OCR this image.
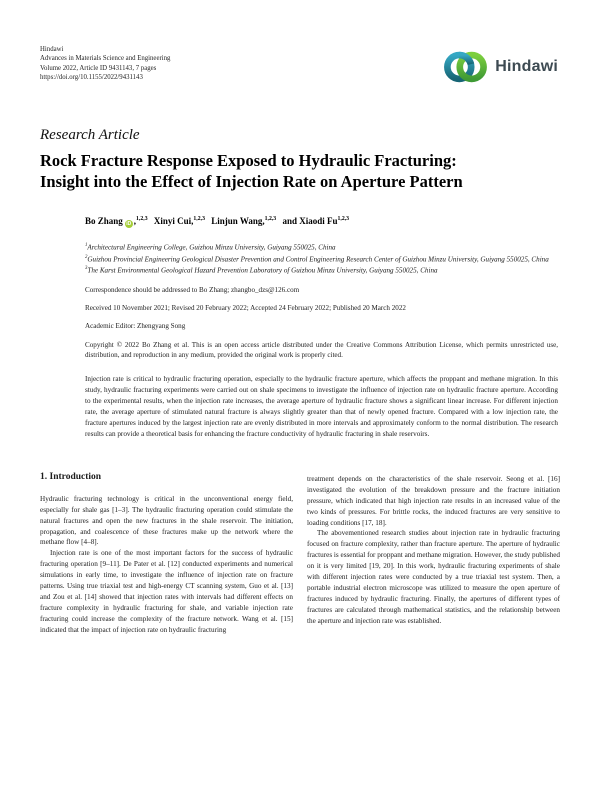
Hindawi
Advances in Materials Science and Engineering
Volume 2022, Article ID 9431143, 7 pages
https://doi.org/10.1155/2022/9431143
Hindawi
Research Article
Rock Fracture Response Exposed to Hydraulic Fracturing:
Insight into the Effect of Injection Rate on Aperture Pattern
Bo Zhang iD ,$^{1,2,3}$ Xinyi Cui,$^{1,2,3}$ Linjun Wang,$^{1,2,3}$ and Xiaodi Fu$^{1,2,3}$
$^1$Architectural Engineering College, Guizhou Minzu University, Guiyang 550025, China
$^2$Guizhou Provincial Engineering Geological Disaster Prevention and Control Engineering Research Center of Guizhou Minzu University, Guiyang 550025, China
$^3$The Karst Environmental Geological Hazard Prevention Laboratory of Guizhou Minzu University, Guiyang 550025, China
Correspondence should be addressed to Bo Zhang; zhangbo_dzs@126.com
Received 10 November 2021; Revised 20 February 2022; Accepted 24 February 2022; Published 20 March 2022
Academic Editor: Zhengyang Song
Copyright © 2022 Bo Zhang et al. This is an open access article distributed under the Creative Commons Attribution License, which permits unrestricted use, distribution, and reproduction in any medium, provided the original work is properly cited.
Injection rate is critical to hydraulic fracturing operation, especially to the hydraulic fracture aperture, which affects the proppant and methane migration. In this study, hydraulic fracturing experiments were carried out on shale specimens to investigate the influence of injection rate on hydraulic fracture aperture. According to the experimental results, when the injection rate increases, the average aperture of hydraulic fracture shows a significant linear increase. For different injection rate, the average aperture of stimulated natural fracture is always slightly greater than that of newly opened fracture. Compared with a low injection rate, the fracture apertures induced by the largest injection rate are evenly distributed in more intervals and approximately conform to the normal distribution. The research results can provide a theoretical basis for enhancing the fracture conductivity of hydraulic fracturing in shale reservoirs.
1. Introduction

Hydraulic fracturing technology is critical in the unconventional energy field, especially for shale gas [1–3]. The hydraulic fracturing operation could stimulate the natural fractures and open the new fractures in the shale reservoir. The initiation, propagation, and coalescence of these fractures make up the network where the methane flow [4–8].

Injection rate is one of the most important factors for the success of hydraulic fracturing operation [9–11]. De Pater et al. [12] conducted experiments and numerical simulations in early time, to investigate the influence of injection rate on fracture patterns. Using true triaxial test and high-energy CT scanning system, Guo et al. [13] and Zou et al. [14] showed that injection rates with intervals had different effects on fracture complexity in hydraulic fracturing for shale, and variable injection rate fracturing could increase the complexity of the fracture network. Wang et al. [15] indicated that the impact of injection rate on hydraulic fracturing

treatment depends on the characteristics of the shale reservoir. Seong et al. [16] investigated the evolution of the breakdown pressure and the fracture initiation pressure, which indicated that high injection rate results in an increased value of the two kinds of pressures. For brittle rocks, the induced fractures are very sensitive to loading conditions [17, 18].

The abovementioned research studies about injection rate in hydraulic fracturing focused on fracture complexity, rather than fracture aperture. The aperture of hydraulic fractures is essential for proppant and methane migration. However, the study published on it is very limited [19, 20]. In this work, hydraulic fracturing experiments of shale with different injection rates were conducted by a true triaxial test system. Then, a portable industrial electron microscope was utilized to measure the open aperture of fractures induced by hydraulic fracturing. Finally, the apertures of different types of fractures are calculated through mathematical statistics, and the relationship between the aperture and injection rate was established.
